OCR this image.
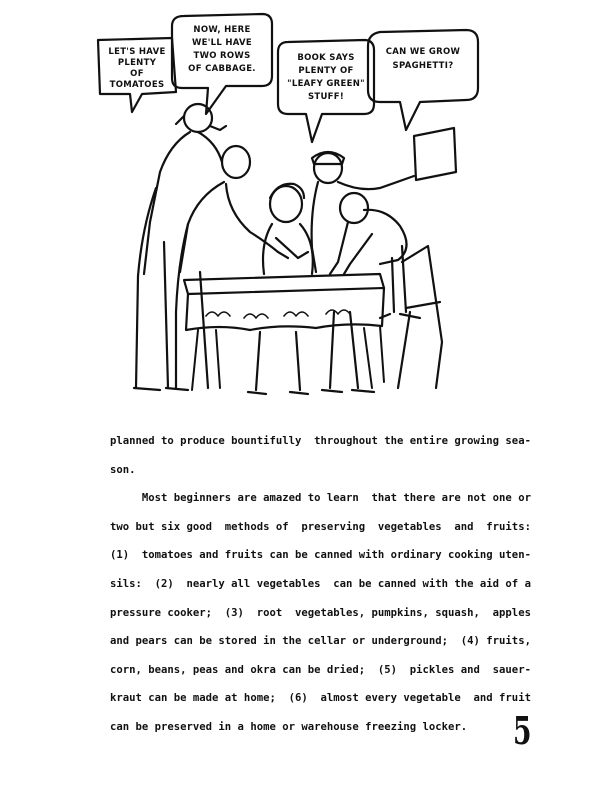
LET'S HAVE PLENTY OF TOMATOES
NOW, HERE WE'LL HAVE TWO ROWS OF CABBAGE.
BOOK SAYS PLENTY OF "LEAFY GREEN" STUFF!
CAN WE GROW SPAGHETTI?
planned to produce bountifully  throughout the entire growing sea-
son.
Most beginners are amazed to learn  that there are not one or
two but six good  methods of  preserving  vegetables  and  fruits:
(1)  tomatoes and fruits can be canned with ordinary cooking uten-
sils:  (2)  nearly all vegetables  can be canned with the aid of a
pressure cooker;  (3)  root  vegetables, pumpkins, squash,  apples
and pears can be stored in the cellar or underground;  (4) fruits,
corn, beans, peas and okra can be dried;  (5)  pickles and  sauer-
kraut can be made at home;  (6)  almost every vegetable  and fruit
can be preserved in a home or warehouse freezing locker.	5
